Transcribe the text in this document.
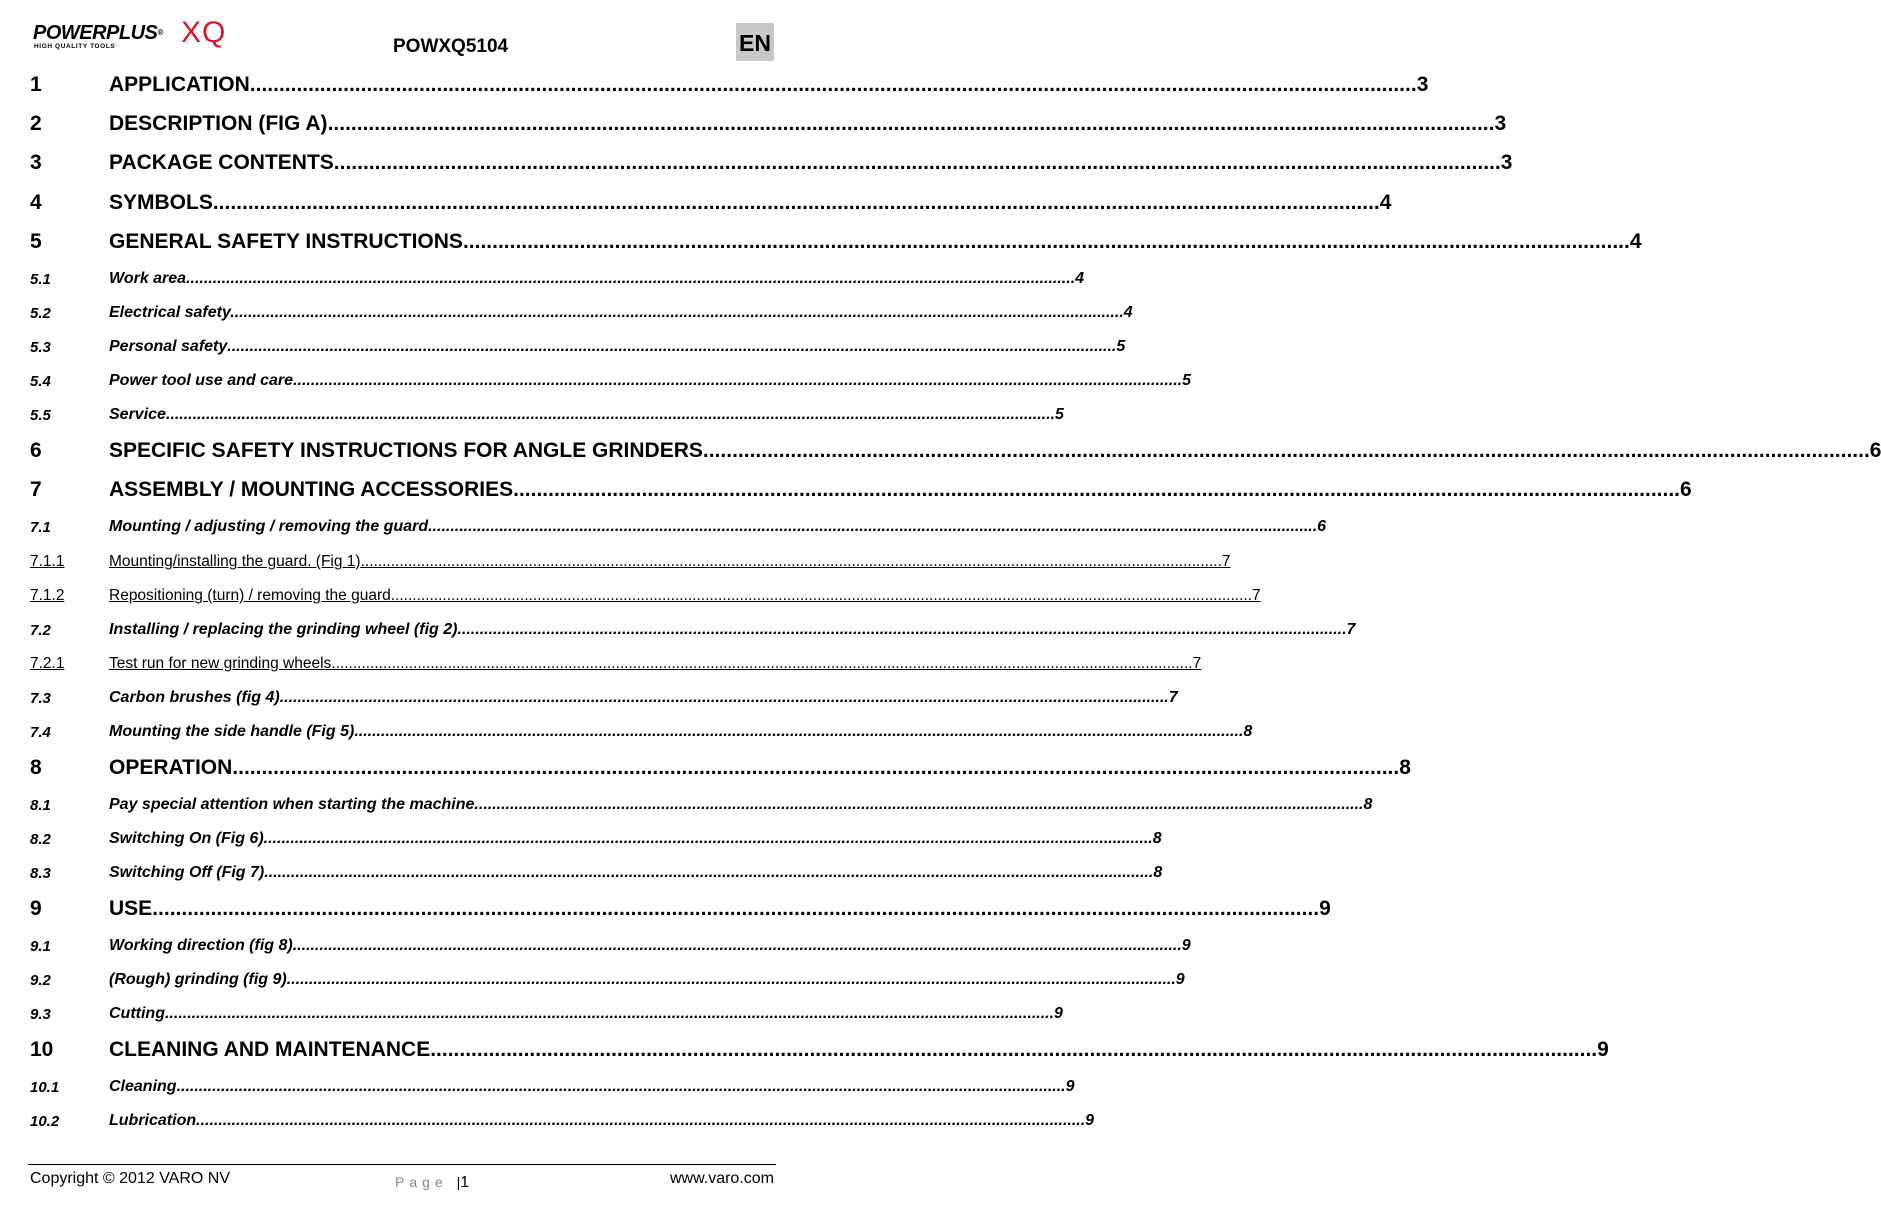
POWERPLUS® XQ
HIGH QUALITY TOOLS	POWXQ5104	EN
1	APPLICATION ........................................................................................................................................................................................................ 3
2	DESCRIPTION (FIG A) ........................................................................................................................................................................................................ 3
3	PACKAGE CONTENTS ........................................................................................................................................................................................................ 3
4	SYMBOLS ........................................................................................................................................................................................................ 4
5	GENERAL SAFETY INSTRUCTIONS ........................................................................................................................................................................................................ 4
5.1	Work area ........................................................................................................................................................................................................ 4
5.2	Electrical safety. ........................................................................................................................................................................................................ 4
5.3	Personal safety ........................................................................................................................................................................................................ 5
5.4	Power tool use and care ........................................................................................................................................................................................................ 5
5.5	Service ........................................................................................................................................................................................................ 5
6	SPECIFIC SAFETY INSTRUCTIONS FOR ANGLE GRINDERS ........................................................................................................................................................................................................ 6
7	ASSEMBLY / MOUNTING ACCESSORIES ........................................................................................................................................................................................................ 6
7.1	Mounting / adjusting / removing the guard ........................................................................................................................................................................................................ 6
7.1.1	Mounting/installing the guard. (Fig 1) ........................................................................................................................................................................................................ 7
7.1.2	Repositioning (turn) / removing the guard ........................................................................................................................................................................................................ 7
7.2	Installing / replacing the grinding wheel (fig 2) ........................................................................................................................................................................................................ 7
7.2.1	Test run for new grinding wheels ........................................................................................................................................................................................................ 7
7.3	Carbon brushes (fig 4) ........................................................................................................................................................................................................ 7
7.4	Mounting the side handle (Fig 5) ........................................................................................................................................................................................................ 8
8	OPERATION ........................................................................................................................................................................................................ 8
8.1	Pay special attention when starting the machine ........................................................................................................................................................................................................ 8
8.2	Switching On (Fig 6) ........................................................................................................................................................................................................ 8
8.3	Switching Off (Fig 7) ........................................................................................................................................................................................................ 8
9	USE ........................................................................................................................................................................................................ 9
9.1	Working direction (fig 8) ........................................................................................................................................................................................................ 9
9.2	(Rough) grinding (fig 9) ........................................................................................................................................................................................................ 9
9.3	Cutting ........................................................................................................................................................................................................ 9
10	CLEANING AND MAINTENANCE ........................................................................................................................................................................................................ 9
10.1	Cleaning ........................................................................................................................................................................................................ 9
10.2	Lubrication ........................................................................................................................................................................................................ 9
Copyright © 2012 VARO NV	Page |1	www.varo.com
